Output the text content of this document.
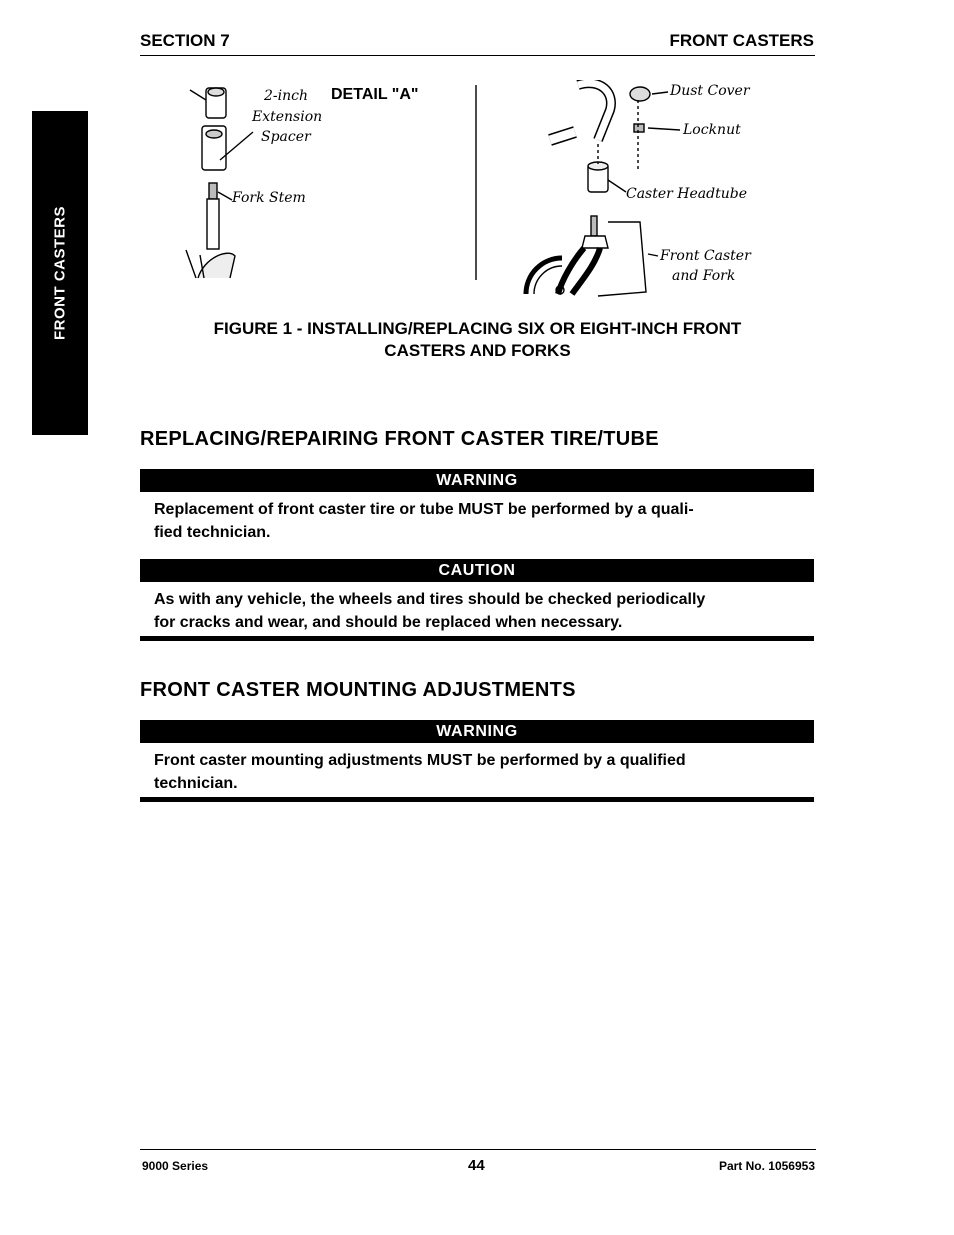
SECTION 7	FRONT CASTERS
FRONT CASTERS
DETAIL "A"
2-inch
Extension
Spacer
Fork Stem
Dust Cover
Locknut
Caster Headtube
Front Caster
and Fork
FIGURE 1 - INSTALLING/REPLACING SIX OR EIGHT-INCH FRONT
CASTERS AND FORKS
REPLACING/REPAIRING FRONT CASTER TIRE/TUBE
WARNING
Replacement of front caster tire or tube MUST be performed by a quali-
fied technician.
CAUTION
As with any vehicle, the wheels and tires should be checked periodically
for cracks and wear, and should be replaced when necessary.
FRONT CASTER MOUNTING ADJUSTMENTS
WARNING
Front caster mounting adjustments MUST be performed by a qualified
technician.
9000 Series	44	Part No. 1056953
